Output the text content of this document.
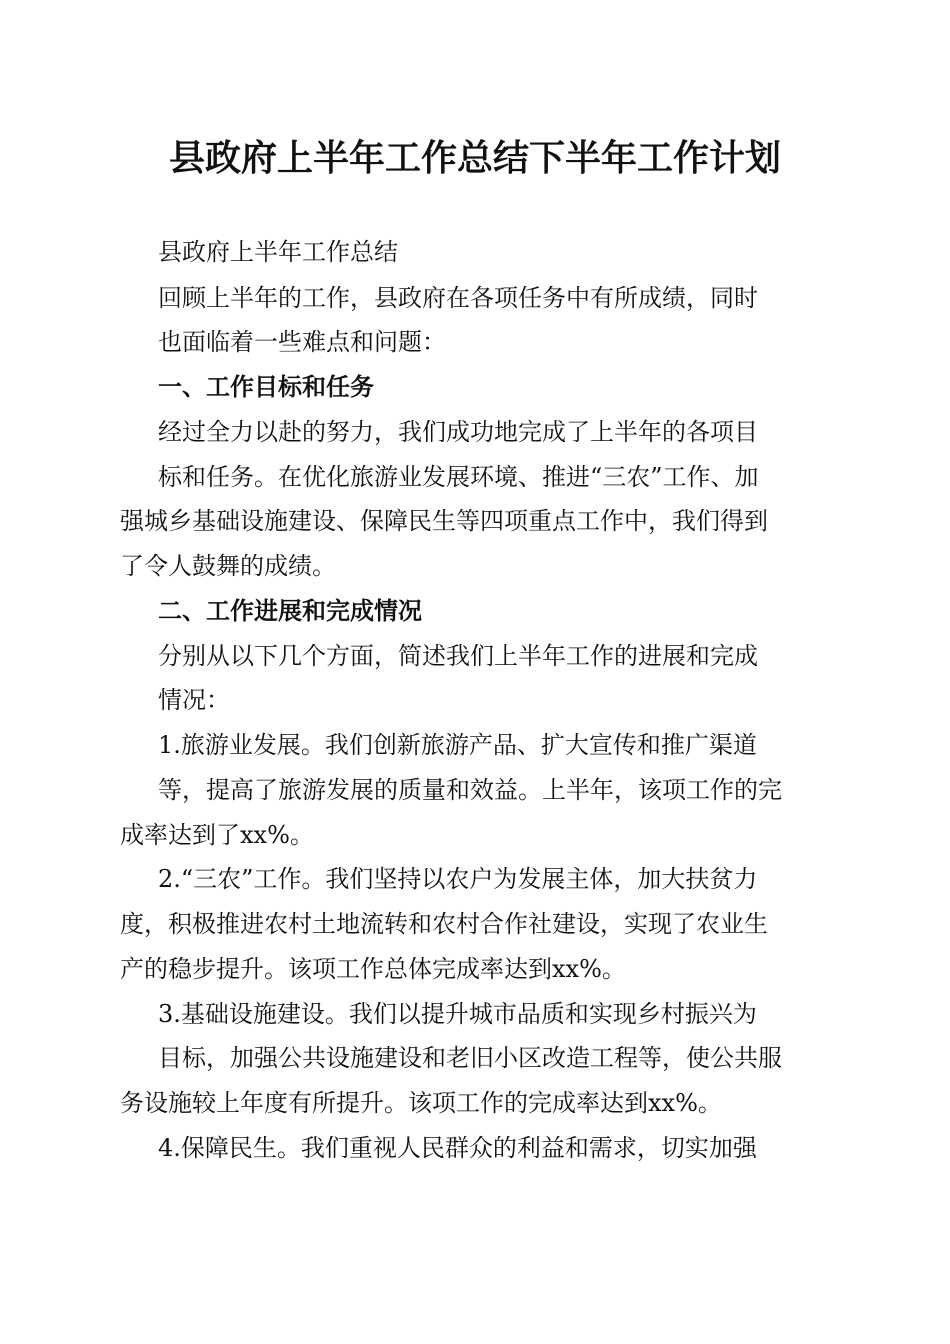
县政府上半年工作总结下半年工作计划
县政府上半年工作总结
回顾上半年的工作，县政府在各项任务中有所成绩，同时
也面临着一些难点和问题：
一、工作目标和任务
经过全力以赴的努力，我们成功地完成了上半年的各项目
标和任务。在优化旅游业发展环境、推进“三农”工作、加
强城乡基础设施建设、保障民生等四项重点工作中，我们得到
了令人鼓舞的成绩。
二、工作进展和完成情况
分别从以下几个方面，简述我们上半年工作的进展和完成
情况：
1.旅游业发展。我们创新旅游产品、扩大宣传和推广渠道
等，提高了旅游发展的质量和效益。上半年，该项工作的完
成率达到了xx%。
2.“三农”工作。我们坚持以农户为发展主体，加大扶贫力
度，积极推进农村土地流转和农村合作社建设，实现了农业生
产的稳步提升。该项工作总体完成率达到xx%。
3.基础设施建设。我们以提升城市品质和实现乡村振兴为
目标，加强公共设施建设和老旧小区改造工程等，使公共服
务设施较上年度有所提升。该项工作的完成率达到xx%。
4.保障民生。我们重视人民群众的利益和需求，切实加强
